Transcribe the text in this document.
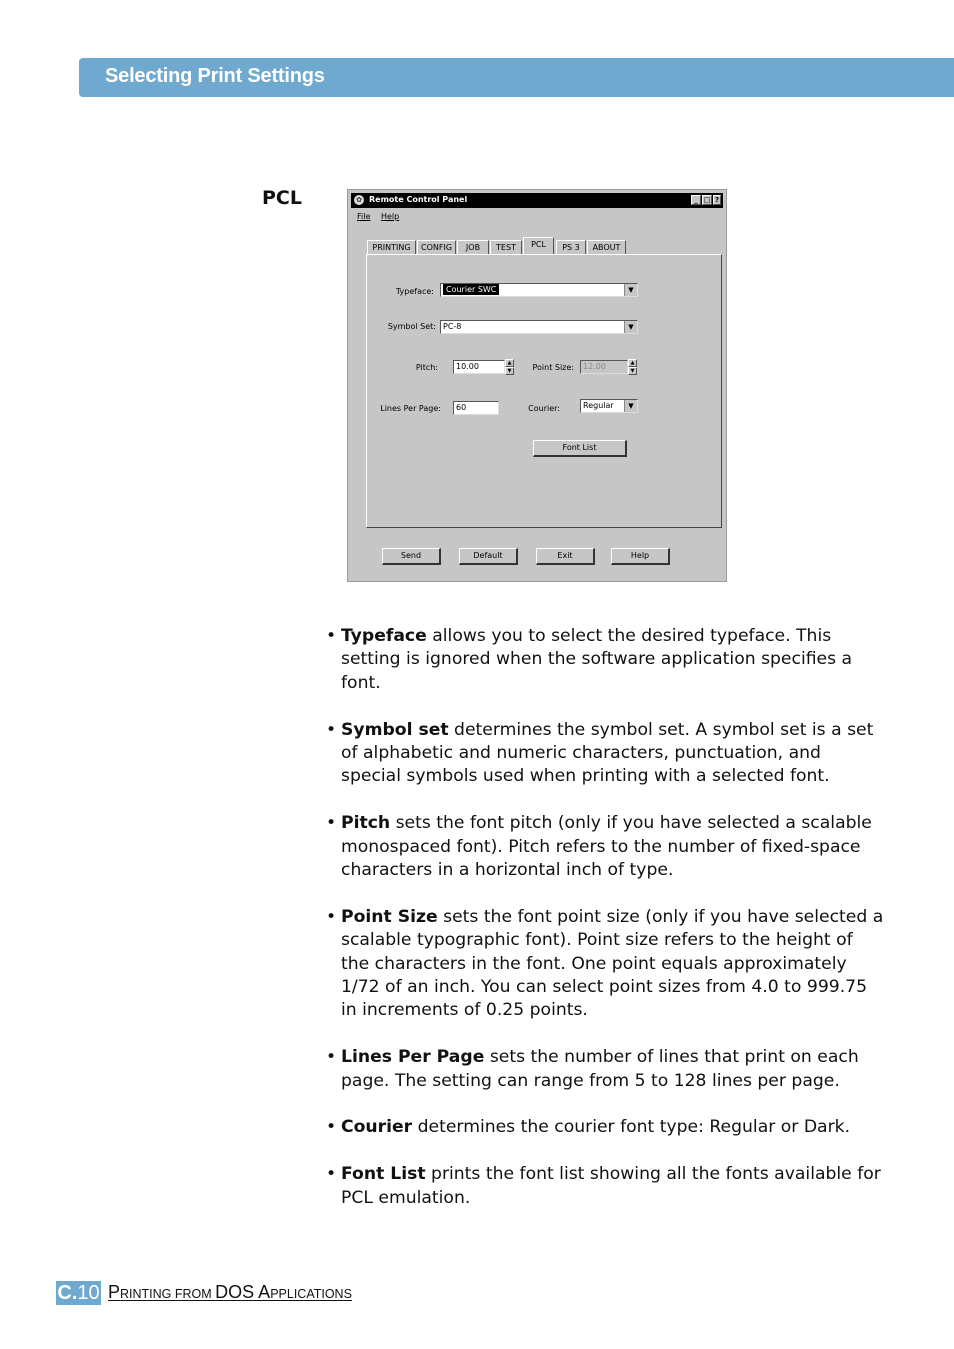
Selecting Print Settings
PCL	✿ Remote Control Panel	_ □ ?
File Help
PRINTING	CONFIG	JOB	TEST	PCL	PS 3	ABOUT
Typeface:	Courier SWC	▼
Symbol Set: PC-8	▼
Pitch:	10.00	▲
▼	Point Size:	12.00	▲
▼
Lines Per Page:	60	Courier:	Regular	▼
Font List
Send	Default	Exit	Help
• Typeface allows you to select the desired typeface. This setting is ignored when the software application specifies a font.
• Symbol set determines the symbol set. A symbol set is a set of alphabetic and numeric characters, punctuation, and special symbols used when printing with a selected font.
• Pitch sets the font pitch (only if you have selected a scalable monospaced font). Pitch refers to the number of fixed-space characters in a horizontal inch of type.
• Point Size sets the font point size (only if you have selected a scalable typographic font). Point size refers to the height of the characters in the font. One point equals approximately 1/72 of an inch. You can select point sizes from 4.0 to 999.75 in increments of 0.25 points.
• Lines Per Page sets the number of lines that print on each page. The setting can range from 5 to 128 lines per page.
• Courier determines the courier font type: Regular or Dark.
• Font List prints the font list showing all the fonts available for PCL emulation.
C.10 PRINTING FROM DOS APPLICATIONS
